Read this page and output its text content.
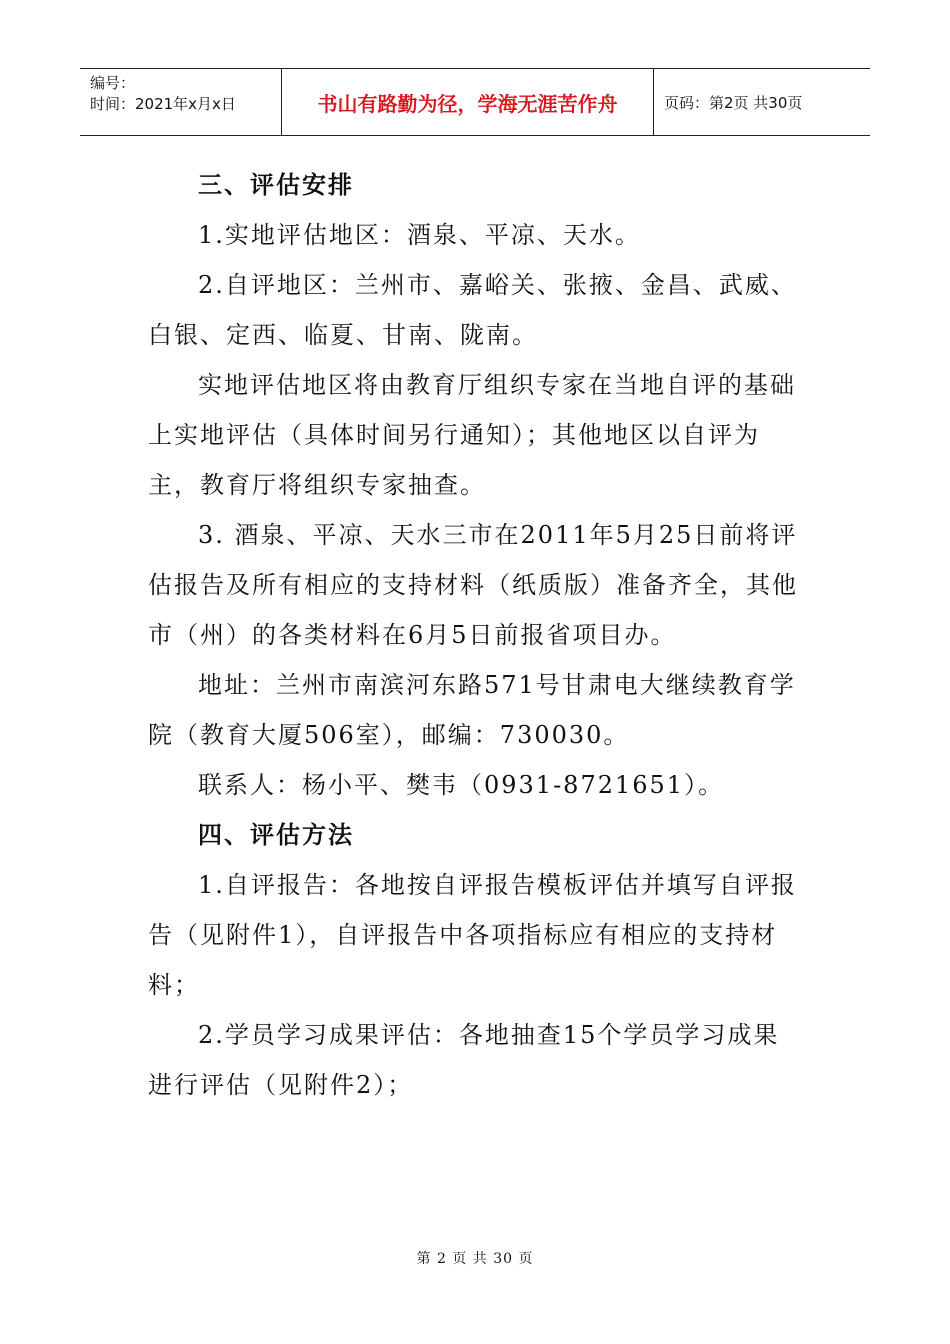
编号：
时间：2021年x月x日	书山有路勤为径，学海无涯苦作舟	页码：第2页 共30页

三、评估安排

1.实地评估地区：酒泉、平凉、天水。

2.自评地区：兰州市、嘉峪关、张掖、金昌、武威、白银、定西、临夏、甘南、陇南。

实地评估地区将由教育厅组织专家在当地自评的基础上实地评估（具体时间另行通知）；其他地区以自评为主，教育厅将组织专家抽查。

3. 酒泉、平凉、天水三市在2011年5月25日前将评估报告及所有相应的支持材料（纸质版）准备齐全，其他市（州）的各类材料在6月5日前报省项目办。

地址：兰州市南滨河东路571号甘肃电大继续教育学院（教育大厦506室），邮编：730030。

联系人：杨小平、樊韦（0931-8721651）。

四、评估方法

1.自评报告：各地按自评报告模板评估并填写自评报告（见附件1），自评报告中各项指标应有相应的支持材料；

2.学员学习成果评估：各地抽查15个学员学习成果进行评估（见附件2）；

第 2 页 共 30 页
